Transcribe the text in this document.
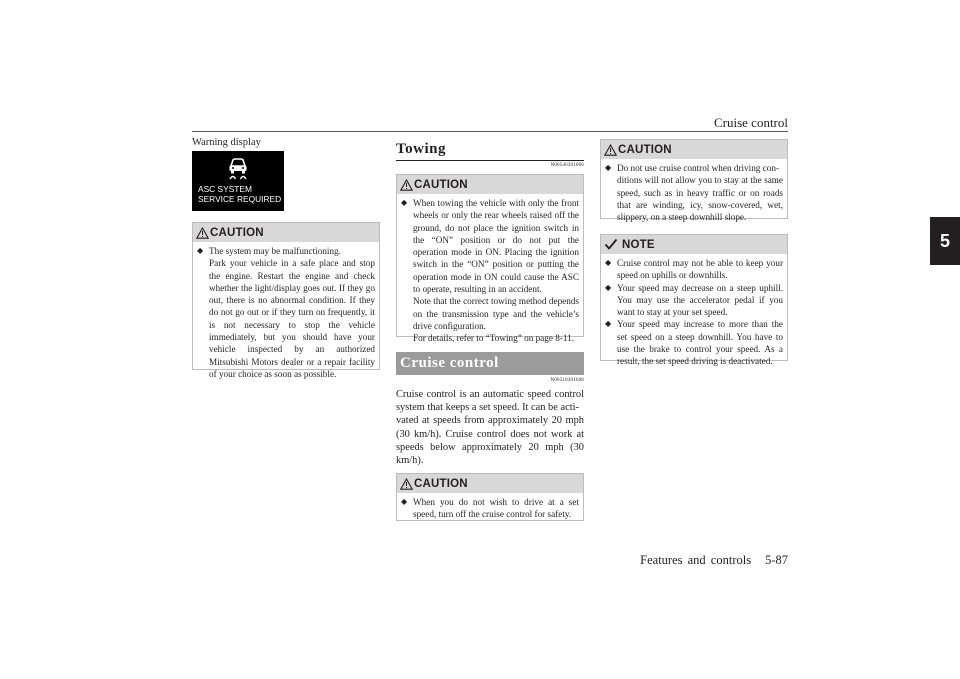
Cruise control
5
Warning display
ASC SYSTEM
SERVICE REQUIRED
CAUTION
◆ The system may be malfunctioning.
Park your vehicle in a safe place and stop the engine. Restart the engine and check whether the light/display goes out. If they go out, there is no abnormal condition. If they do not go out or if they turn on frequently, it is not necessary to stop the vehicle immediately, but you should have your vehicle inspected by an authorized Mitsubishi Motors dealer or a repair facility of your choice as soon as possible.
Towing
N00546301066
CAUTION
◆ When towing the vehicle with only the front wheels or only the rear wheels raised off the ground, do not place the ignition switch in the “ON” position or do not put the operation mode in ON. Placing the ignition switch in the “ON” position or putting the operation mode in ON could cause the ASC to operate, resulting in an accident.
Note that the correct towing method depends on the transmission type and the vehicle’s drive configuration.
For details, refer to “Towing” on page 8-11.
Cruise control
N00518301668
Cruise control is an automatic speed control system that keeps a set speed. It can be acti-
vated at speeds from approximately 20 mph (30 km/h). Cruise control does not work at speeds below approximately 20 mph (30 km/h).
CAUTION
◆ When you do not wish to drive at a set speed, turn off the cruise control for safety.
CAUTION
◆ Do not use cruise control when driving con-
ditions will not allow you to stay at the same speed, such as in heavy traffic or on roads that are winding, icy, snow-covered, wet, slippery, on a steep downhill slope.
NOTE
◆ Cruise control may not be able to keep your speed on uphills or downhills.
◆ Your speed may decrease on a steep uphill. You may use the accelerator pedal if you want to stay at your set speed.
◆ Your speed may increase to more than the set speed on a steep downhill. You have to use the brake to control your speed. As a result, the set speed driving is deactivated.
Features and controls 5-87
